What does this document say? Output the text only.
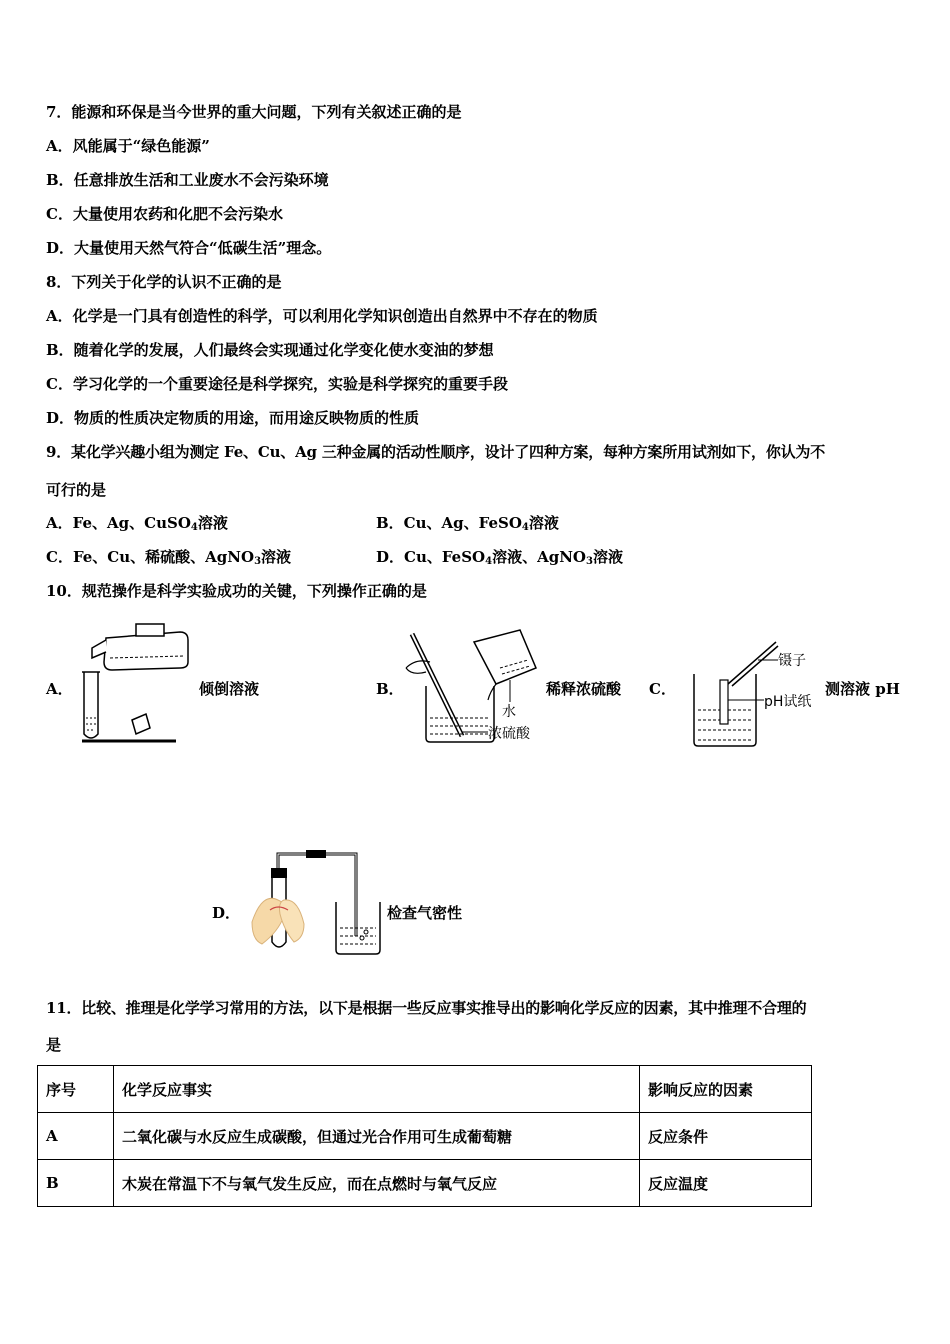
7．能源和环保是当今世界的重大问题，下列有关叙述正确的是
A．风能属于“绿色能源”
B．任意排放生活和工业废水不会污染环境
C．大量使用农药和化肥不会污染水
D．大量使用天然气符合“低碳生活”理念。
8．下列关于化学的认识不正确的是
A．化学是一门具有创造性的科学，可以利用化学知识创造出自然界中不存在的物质
B．随着化学的发展，人们最终会实现通过化学变化使水变油的梦想
C．学习化学的一个重要途径是科学探究，实验是科学探究的重要手段
D．物质的性质决定物质的用途，而用途反映物质的性质
9．某化学兴趣小组为测定 Fe、Cu、Ag 三种金属的活动性顺序，设计了四种方案，每种方案所用试剂如下，你认为不
可行的是
A．Fe、Ag、CuSO$_4$溶液	B．Cu、Ag、FeSO$_4$溶液
C．Fe、Cu、稀硫酸、AgNO$_3$溶液	D．Cu、FeSO$_4$溶液、AgNO$_3$溶液
10．规范操作是科学实验成功的关键，下列操作正确的是
A．	倾倒溶液	B．
水
浓硫酸
稀释浓硫酸 C．
镊子
pH试纸
测溶液 pH
D．	检查气密性
11．比较、推理是化学学习常用的方法，以下是根据一些反应事实推导出的影响化学反应的因素，其中推理不合理的
是
序号	化学反应事实	影响反应的因素
A	二氧化碳与水反应生成碳酸，但通过光合作用可生成葡萄糖	反应条件
B	木炭在常温下不与氧气发生反应，而在点燃时与氧气反应	反应温度
